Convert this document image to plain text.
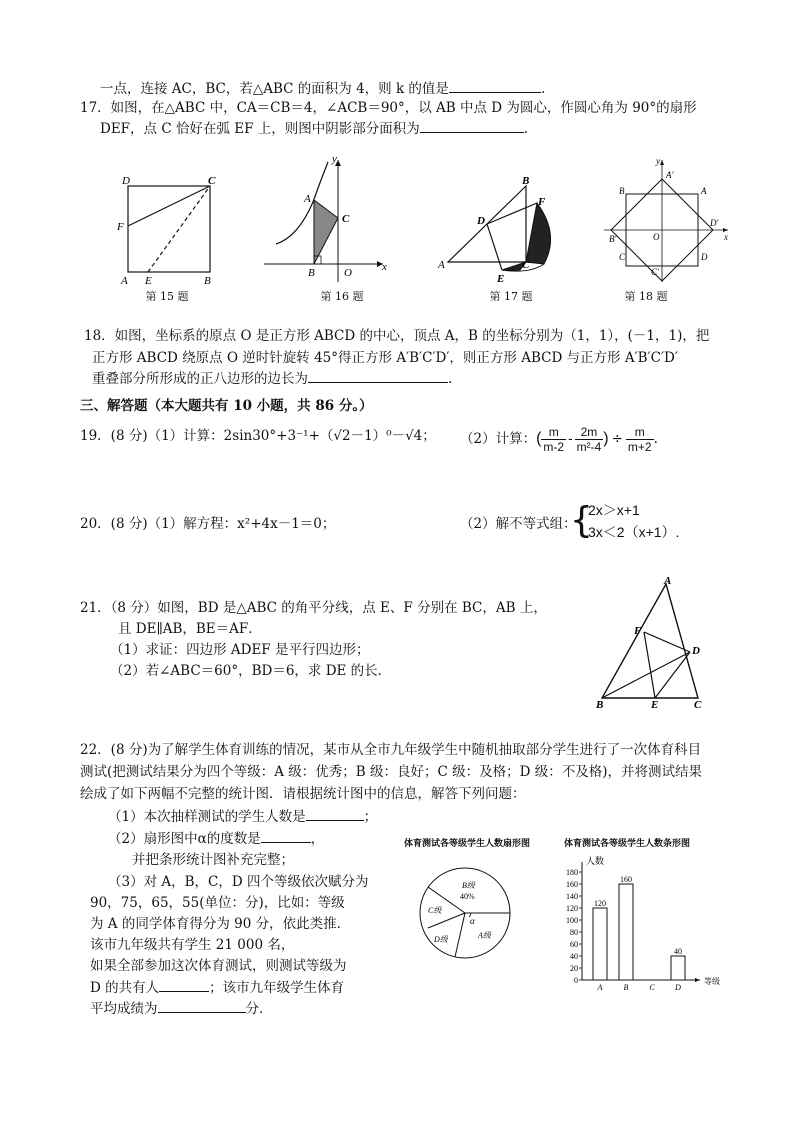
一点，连接 AC，BC，若△ABC 的面积为 4，则 k 的值是	.
17．如图，在△ABC 中，CA＝CB＝4，∠ACB＝90°，以 AB 中点 D 为圆心，作圆心角为 90°的扇形
DEF，点 C 恰好在弧 EF 上，则图中阴影部分面积为	.
D	C
F
A E	B
第 15 题
y
A
C
B	O	x
第 16 题
B
F
D
A
E
C
第 17 题
y
A′
B	A
B′	O
D′
C	D
C′
x
第 18 题
18．如图，坐标系的原点 O 是正方形 ABCD 的中心，顶点 A，B 的坐标分别为（1，1），(－1，1)，把
正方形 ABCD 绕原点 O 逆时针旋转 45°得正方形 A′B′C′D′，则正方形 ABCD 与正方形 A′B′C′D′
重叠部分所形成的正八边形的边长为	.
三、解答题（本大题共有 10 小题，共 86 分。）
19．(8 分)（1）计算：2sin30°+3⁻¹+（√2－1）⁰－√4； （2）计算： ( $\frac{m}{m-2} - \frac{2m}{\text{m²-4}}$ ) ÷ $\frac{m}{m+2}$ .
20．(8 分)（1）解方程：x²+4x－1＝0；	（2）解不等式组：
{
2x＞x+1
3x＜2（x+1）.
21．（8 分）如图，BD 是△ABC 的角平分线，点 E、F 分别在 BC，AB 上，
且 DE∥AB，BE＝AF．
（1）求证：四边形 ADEF 是平行四边形；
（2）若∠ABC＝60°，BD＝6，求 DE 的长．
A
F
D
B	E	C
22．(8 分)为了解学生体育训练的情况，某市从全市九年级学生中随机抽取部分学生进行了一次体育科目
测试(把测试结果分为四个等级：A 级：优秀；B 级：良好；C 级：及格；D 级：不及格)，并将测试结果
绘成了如下两幅不完整的统计图．请根据统计图中的信息，解答下列问题：
（1）本次抽样测试的学生人数是	；
（2）扇形图中α的度数是	，
并把条形统计图补充完整；
（3）对 A，B，C，D 四个等级依次赋分为
90，75，65，55(单位：分)，比如：等级
为 A 的同学体育得分为 90 分，依此类推．
该市九年级共有学生 21 000 名，
如果全部参加这次体育测试，则测试等级为
D 的共有人	；该市九年级学生体育
平均成绩为	分．
体育测试各等级学生人数扇形图
B级
40%
C级
D级	A级
α
体育测试各等级学生人数条形图
人数
等级
0
20
40
60
80
100
120
140
160
180
120
A
160
B	C
40
D
